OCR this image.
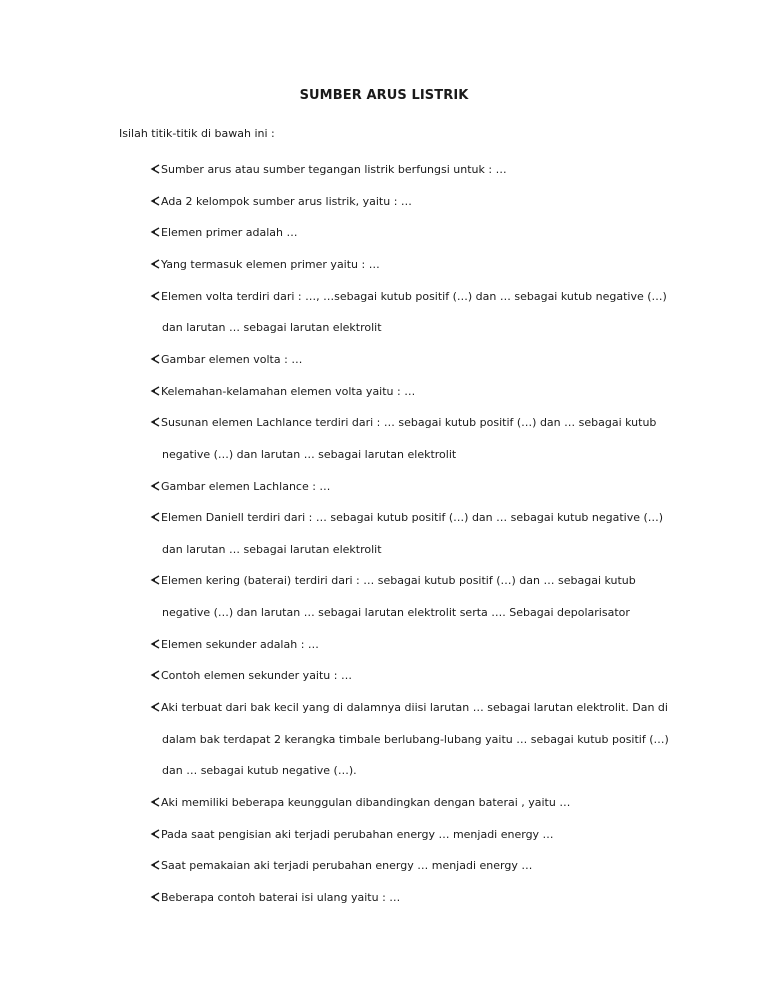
SUMBER ARUS LISTRIK
Isilah titik-titik di bawah ini :
Sumber arus atau sumber tegangan listrik berfungsi untuk : …
Ada 2 kelompok sumber arus listrik, yaitu : …
Elemen primer adalah …
Yang termasuk elemen primer yaitu : …
Elemen volta terdiri dari : …, …sebagai kutub positif (…) dan … sebagai kutub negative (…)
dan larutan … sebagai larutan elektrolit
Gambar elemen volta : …
Kelemahan-kelamahan elemen volta yaitu : …
Susunan elemen Lachlance terdiri dari : … sebagai kutub positif (…) dan … sebagai kutub
negative (…) dan larutan … sebagai larutan elektrolit
Gambar elemen Lachlance : …
Elemen Daniell terdiri dari : … sebagai kutub positif (…) dan … sebagai kutub negative (…)
dan larutan … sebagai larutan elektrolit
Elemen kering (baterai) terdiri dari : … sebagai kutub positif (…) dan … sebagai kutub
negative (…) dan larutan … sebagai larutan elektrolit serta …. Sebagai depolarisator
Elemen sekunder adalah : …
Contoh elemen sekunder yaitu : …
Aki terbuat dari bak kecil yang di dalamnya diisi larutan … sebagai larutan elektrolit. Dan di
dalam bak terdapat 2 kerangka timbale berlubang-lubang yaitu … sebagai kutub positif (…)
dan … sebagai kutub negative (…).
Aki memiliki beberapa keunggulan dibandingkan dengan baterai , yaitu …
Pada saat pengisian aki terjadi perubahan energy … menjadi energy …
Saat pemakaian aki terjadi perubahan energy … menjadi energy …
Beberapa contoh baterai isi ulang yaitu : …
